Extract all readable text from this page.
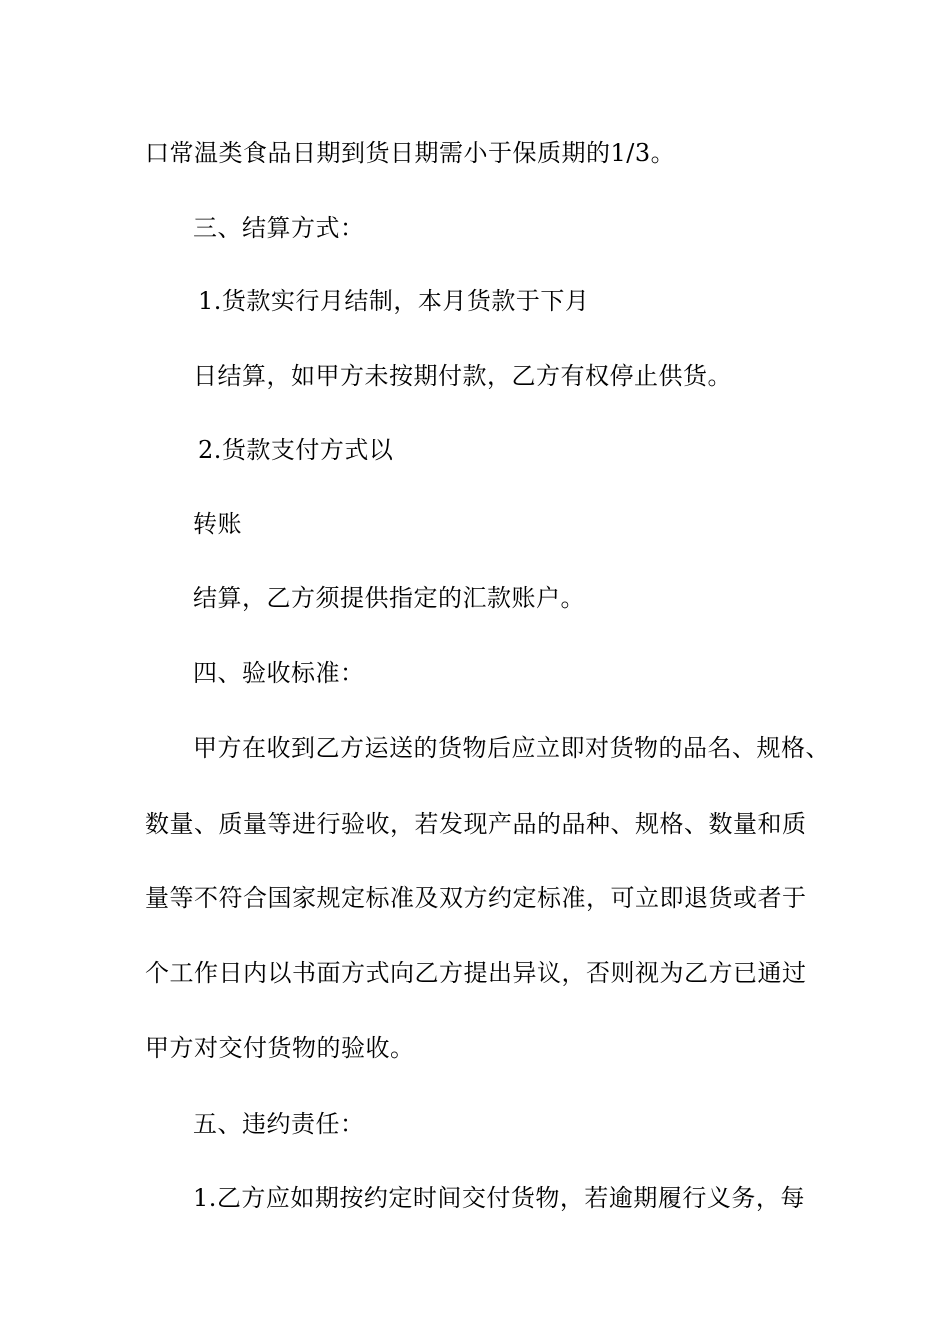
口常温类食品日期到货日期需小于保质期的1/3。
三、结算方式：
1.货款实行月结制，本月货款于下月
日结算，如甲方未按期付款，乙方有权停止供货。
2.货款支付方式以
转账
结算，乙方须提供指定的汇款账户。
四、验收标准：
甲方在收到乙方运送的货物后应立即对货物的品名、规格、
数量、质量等进行验收，若发现产品的品种、规格、数量和质
量等不符合国家规定标准及双方约定标准，可立即退货或者于
个工作日内以书面方式向乙方提出异议，否则视为乙方已通过
甲方对交付货物的验收。
五、违约责任：
1.乙方应如期按约定时间交付货物，若逾期履行义务，每
